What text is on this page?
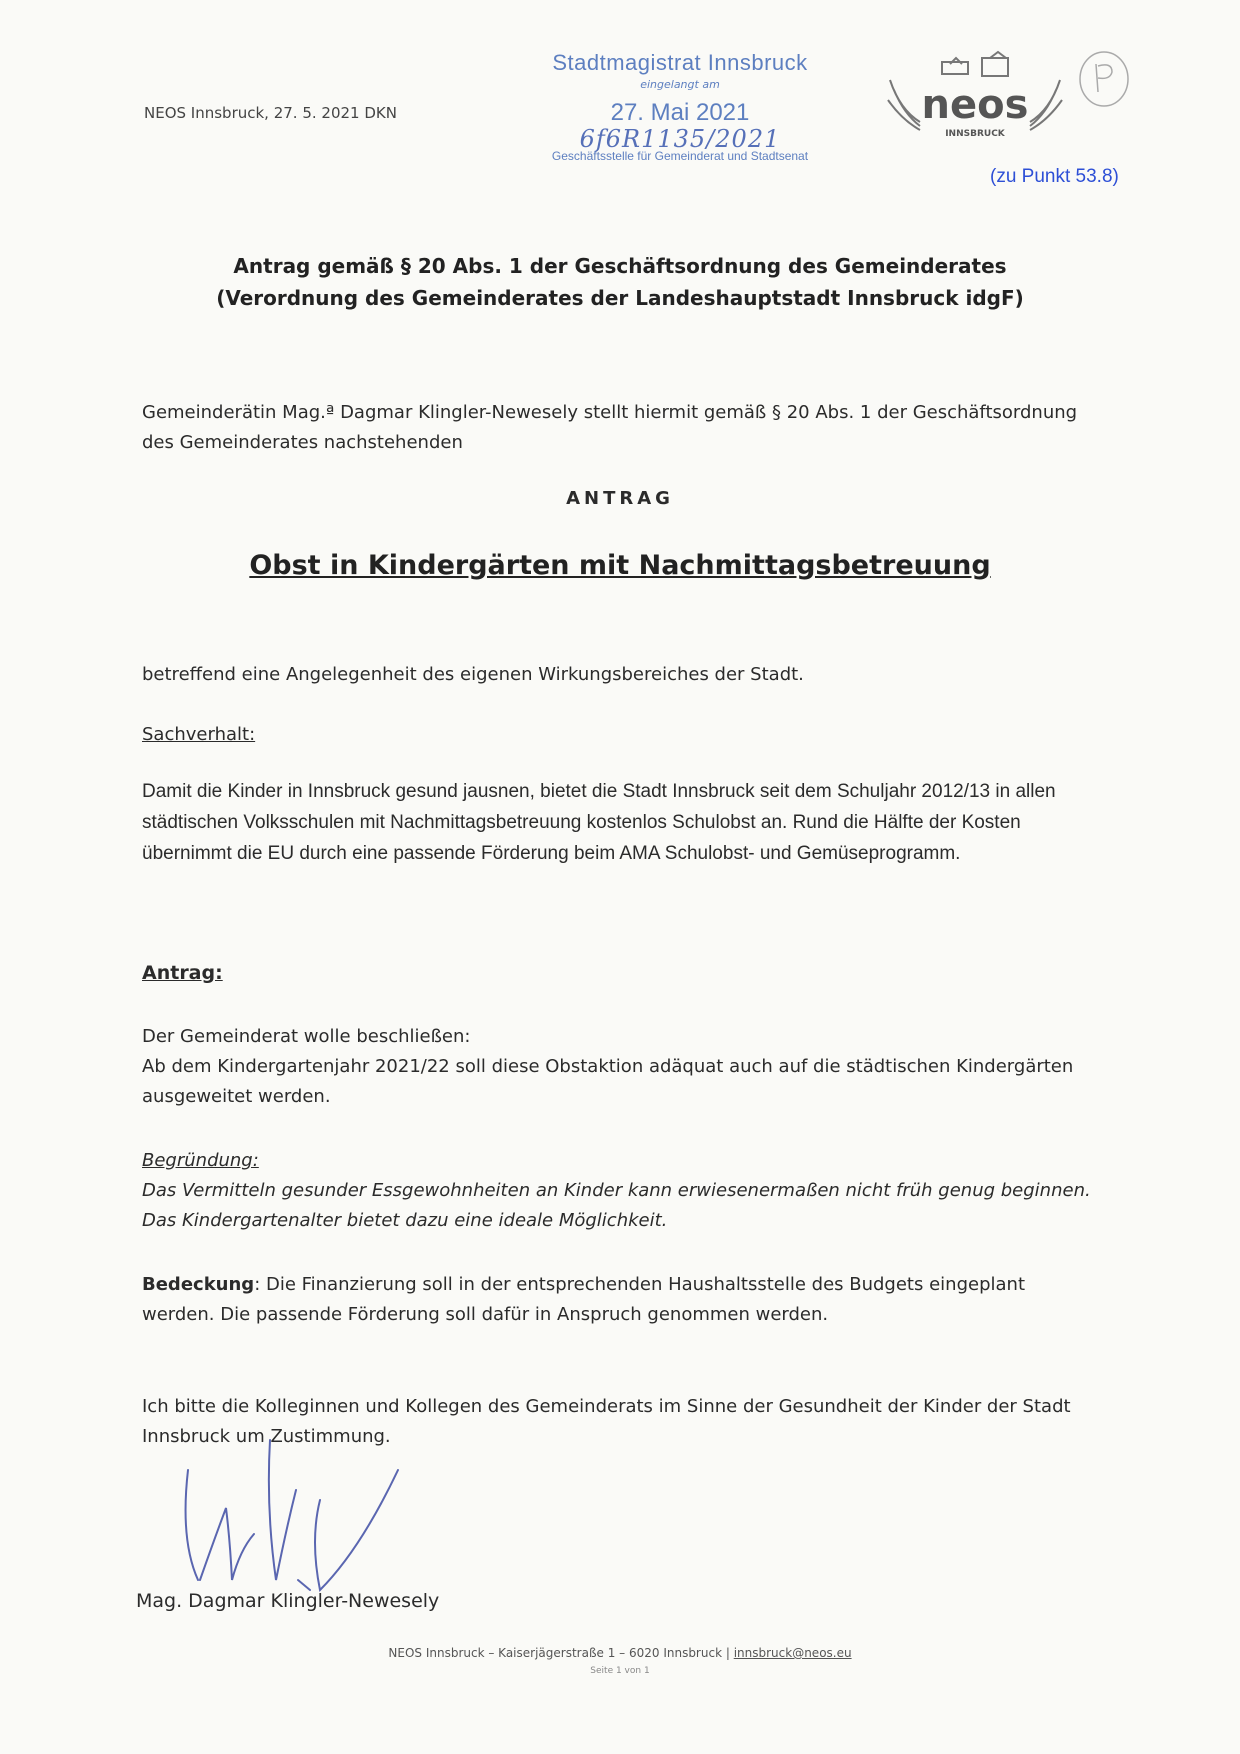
NEOS Innsbruck, 27. 5. 2021 DKN
Stadtmagistrat Innsbruck
eingelangt am
27. Mai 2021
6f6R1135/2021
Geschäftsstelle für Gemeinderat und Stadtsenat
neos
INNSBRUCK
(zu Punkt 53.8)
Antrag gemäß § 20 Abs. 1 der Geschäftsordnung des Gemeinderates
(Verordnung des Gemeinderates der Landeshauptstadt Innsbruck idgF)
Gemeinderätin Mag.ª Dagmar Klingler-Newesely stellt hiermit gemäß § 20 Abs. 1 der Geschäftsordnung des Gemeinderates nachstehenden
ANTRAG
Obst in Kindergärten mit Nachmittagsbetreuung
betreffend eine Angelegenheit des eigenen Wirkungsbereiches der Stadt.
Sachverhalt:
Damit die Kinder in Innsbruck gesund jausnen, bietet die Stadt Innsbruck seit dem Schuljahr 2012/13 in allen städtischen Volksschulen mit Nachmittagsbetreuung kostenlos Schulobst an. Rund die Hälfte der Kosten übernimmt die EU durch eine passende Förderung beim AMA Schulobst- und Gemüseprogramm.
Antrag:
Der Gemeinderat wolle beschließen:
Ab dem Kindergartenjahr 2021/22 soll diese Obstaktion adäquat auch auf die städtischen Kindergärten ausgeweitet werden.
Begründung:
Das Vermitteln gesunder Essgewohnheiten an Kinder kann erwiesenermaßen nicht früh genug beginnen. Das Kindergartenalter bietet dazu eine ideale Möglichkeit.
Bedeckung: Die Finanzierung soll in der entsprechenden Haushaltsstelle des Budgets eingeplant werden. Die passende Förderung soll dafür in Anspruch genommen werden.
Ich bitte die Kolleginnen und Kollegen des Gemeinderats im Sinne der Gesundheit der Kinder der Stadt Innsbruck um Zustimmung.
Mag. Dagmar Klingler-Newesely
NEOS Innsbruck – Kaiserjägerstraße 1 – 6020 Innsbruck | innsbruck@neos.eu
Seite 1 von 1
